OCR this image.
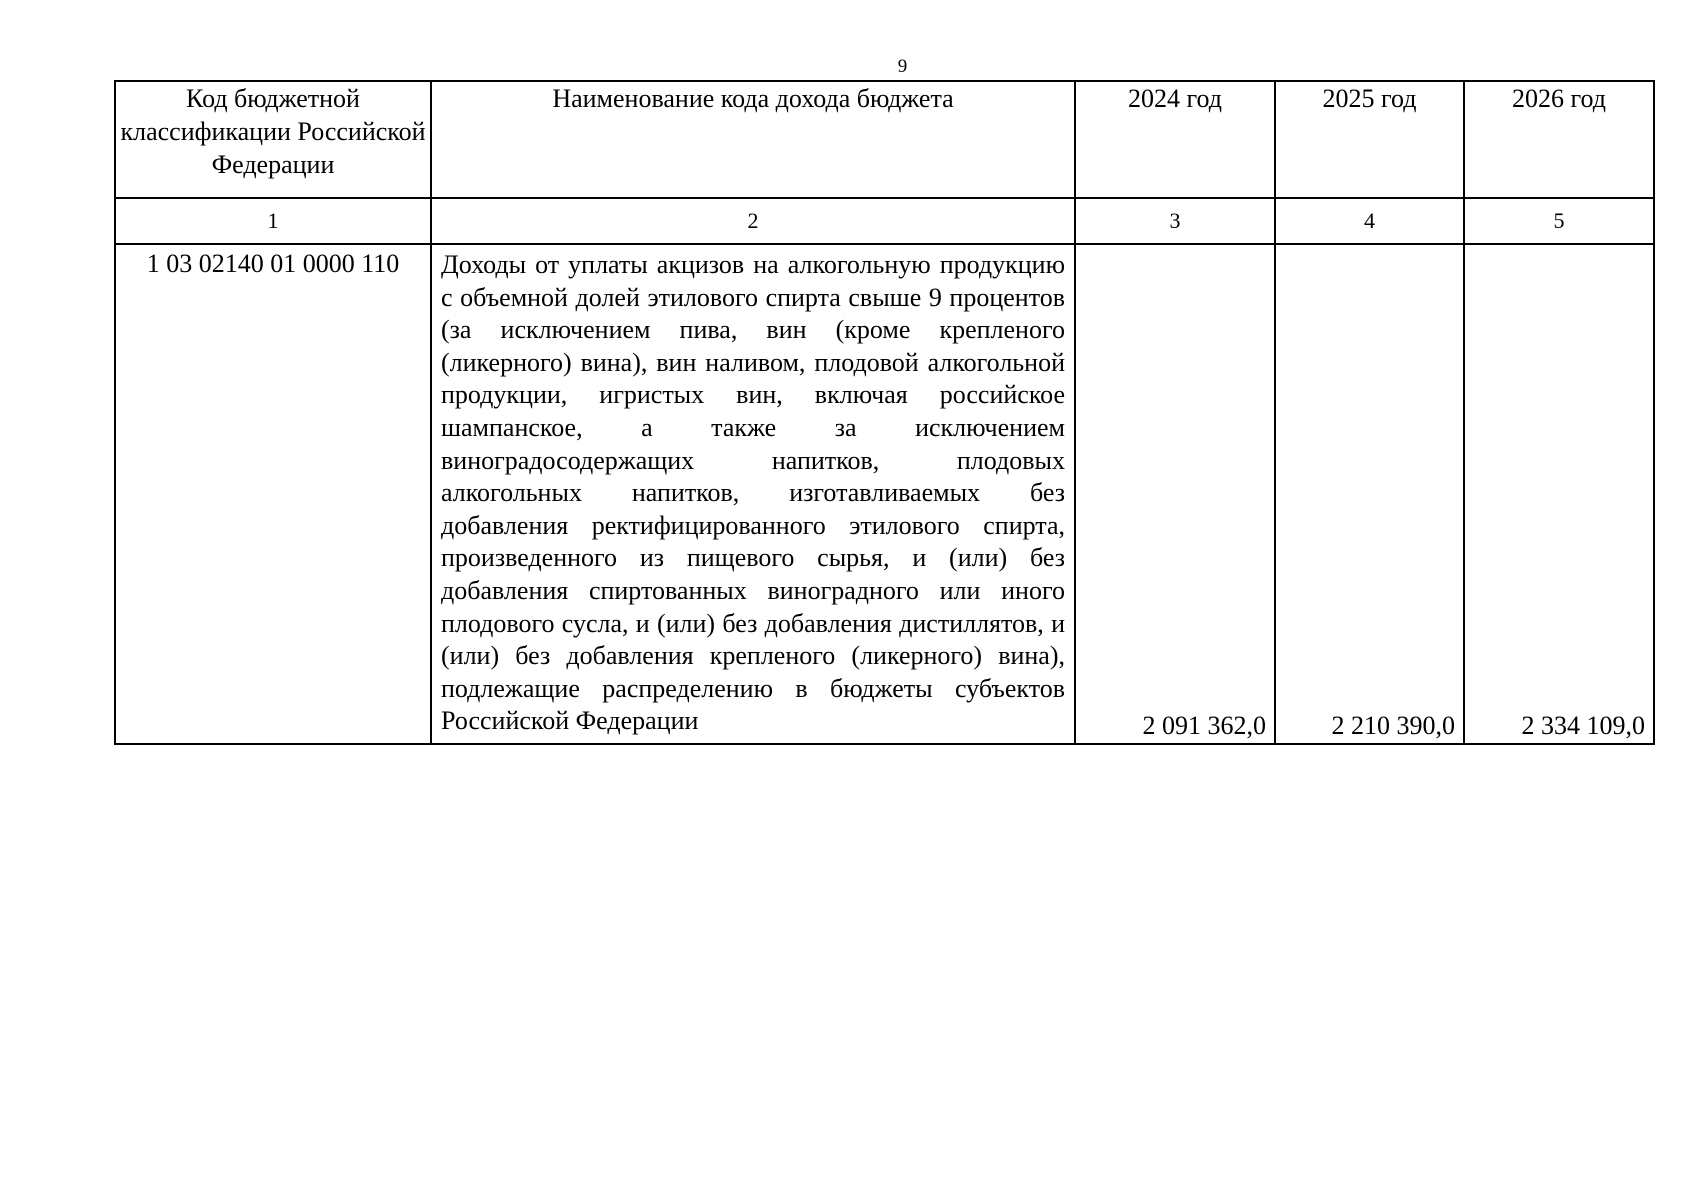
9
Код бюджетной классификации Российской Федерации	Наименование кода дохода бюджета	2024 год	2025 год	2026 год
1	2	3	4	5
1 03 02140 01 0000 110	Доходы от уплаты акцизов на алкогольную продукцию с объемной долей этилового спирта свыше 9 процентов (за исключением пива, вин (кроме крепленого (ликерного) вина), вин наливом, плодовой алкогольной продукции, игристых вин, включая российское шампанское, а также за исключением виноградосодержащих напитков, плодовых алкогольных напитков, изготавливаемых без добавления ректифицированного этилового спирта, произведенного из пищевого сырья, и (или) без добавления спиртованных виноградного или иного плодового сусла, и (или) без добавления дистиллятов, и (или) без добавления крепленого (ликерного) вина), подлежащие распределению в бюджеты субъектов Российской Федерации	2 091 362,0	2 210 390,0	2 334 109,0
